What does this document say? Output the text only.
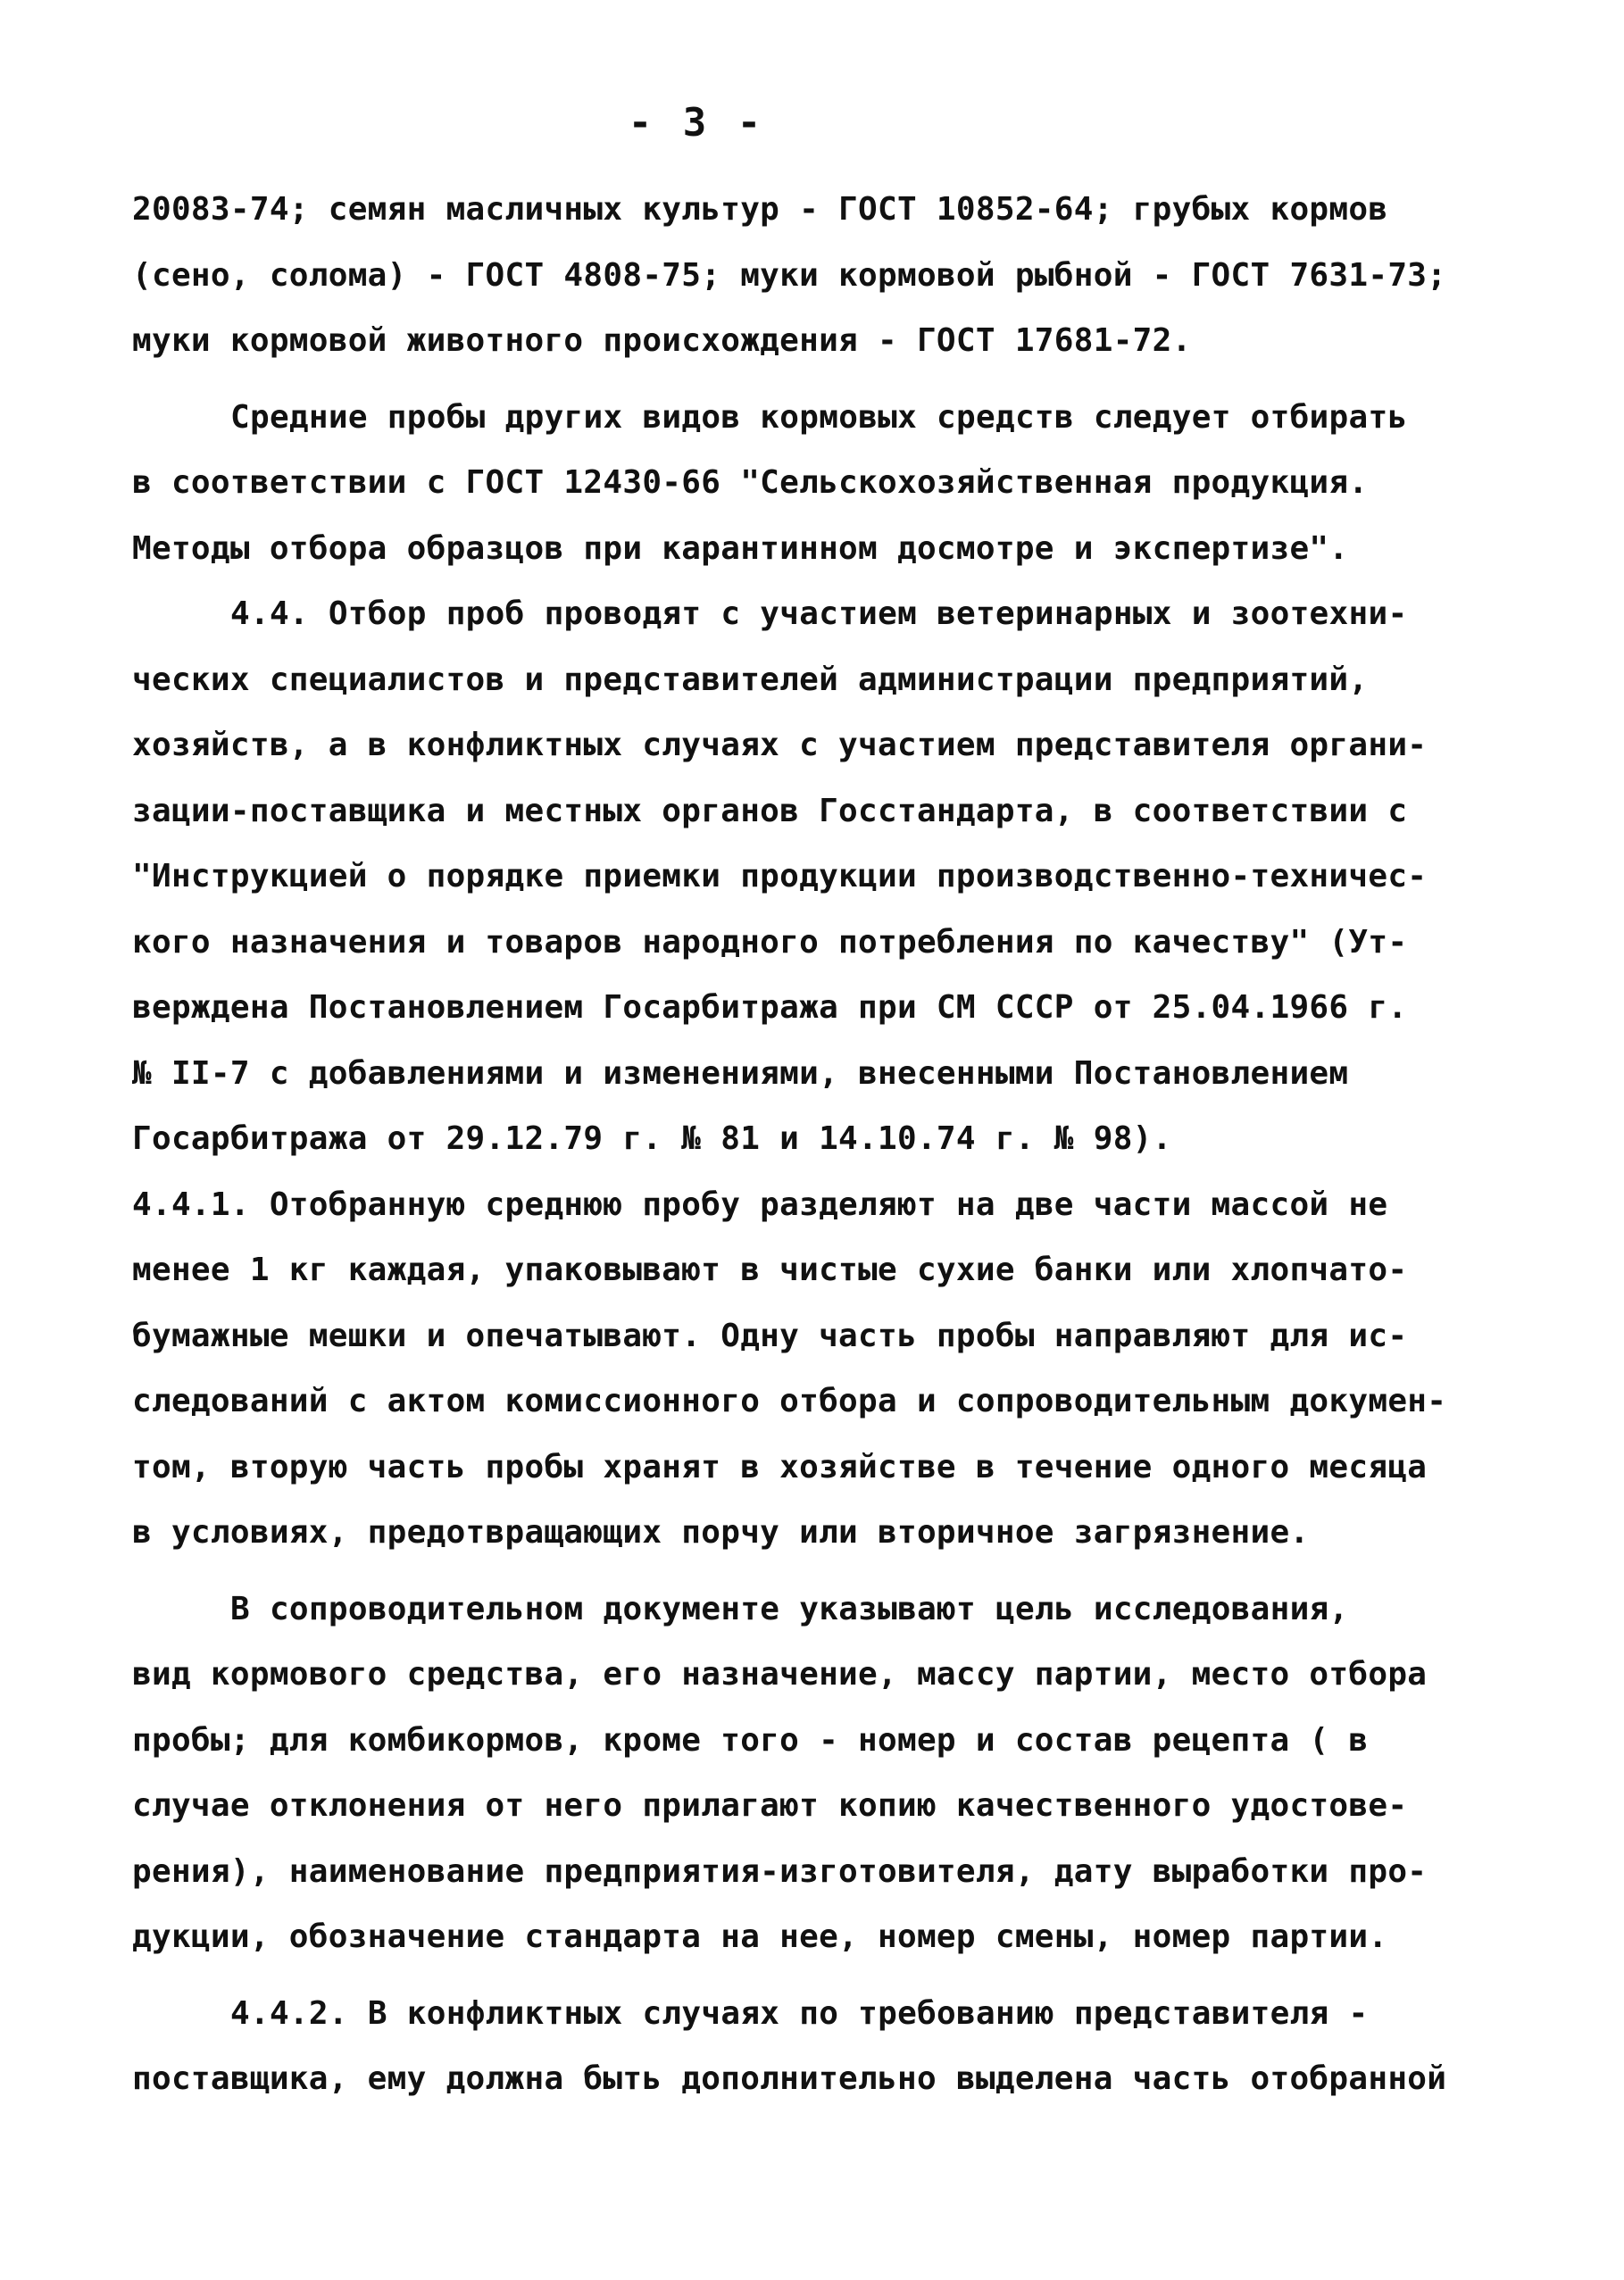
- 3 -
20083-74; семян масличных культур - ГОСТ 10852-64; грубых кормов
(сено, солома) - ГОСТ 4808-75; муки кормовой рыбной - ГОСТ 7631-73;
муки кормовой животного происхождения - ГОСТ 17681-72.
Средние пробы других видов кормовых средств следует отбирать
в соответствии с ГОСТ 12430-66 "Сельскохозяйственная продукция.
Методы отбора образцов при карантинном досмотре и экспертизе".
4.4. Отбор проб проводят с участием ветеринарных и зоотехни-
ческих специалистов и представителей администрации предприятий,
хозяйств, а в конфликтных случаях с участием представителя органи-
зации-поставщика и местных органов Госстандарта, в соответствии с
"Инструкцией о порядке приемки продукции производственно-техничес-
кого назначения и товаров народного потребления по качеству" (Ут-
верждена Постановлением Госарбитража при СМ СССР от 25.04.1966 г.
№ II-7 с добавлениями и изменениями, внесенными Постановлением
Госарбитража от 29.12.79 г. № 81 и 14.10.74 г. № 98).
4.4.1. Отобранную среднюю пробу разделяют на две части массой не
менее 1 кг каждая, упаковывают в чистые сухие банки или хлопчато-
бумажные мешки и опечатывают. Одну часть пробы направляют для ис-
следований с актом комиссионного отбора и сопроводительным докумен-
том, вторую часть пробы хранят в хозяйстве в течение одного месяца
в условиях, предотвращающих порчу или вторичное загрязнение.
В сопроводительном документе указывают цель исследования,
вид кормового средства, его назначение, массу партии, место отбора
пробы; для комбикормов, кроме того - номер и состав рецепта ( в
случае отклонения от него прилагают копию качественного удостове-
рения), наименование предприятия-изготовителя, дату выработки про-
дукции, обозначение стандарта на нее, номер смены, номер партии.
4.4.2. В конфликтных случаях по требованию представителя -
поставщика, ему должна быть дополнительно выделена часть отобранной
